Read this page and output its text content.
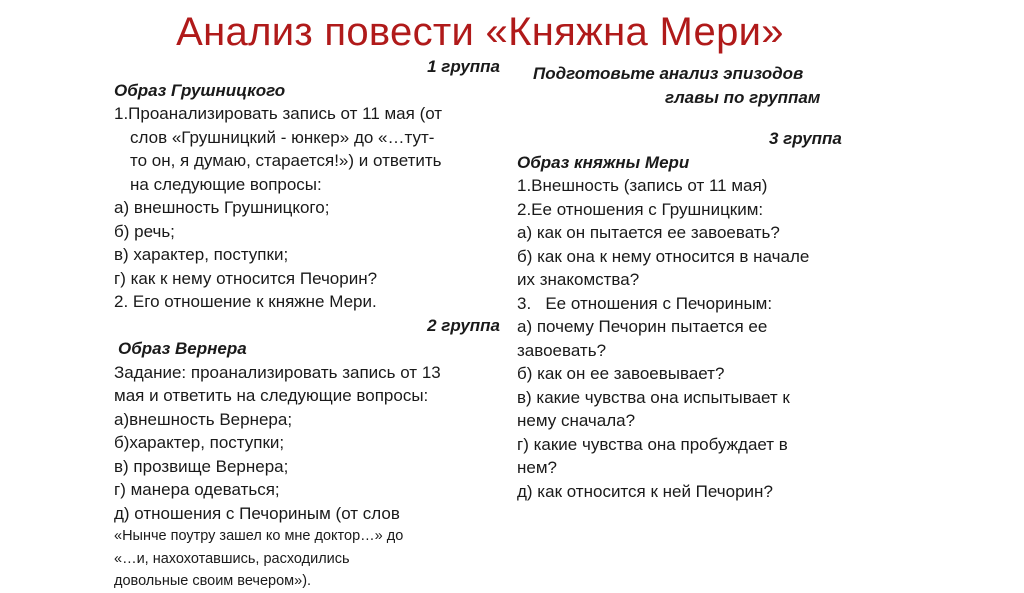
Анализ повести «Княжна Мери»
1 группа
Образ Грушницкого
1.Проанализировать запись от 11 мая (от
слов «Грушницкий - юнкер» до «…тут-
то он, я думаю, старается!») и ответить
на следующие вопросы:
а) внешность Грушницкого;
б) речь;
в) характер, поступки;
г) как к нему относится Печорин?
2. Его отношение к княжне Мери.
2 группа
Образ Вернера
Задание: проанализировать запись от 13
мая и ответить на следующие вопросы:
а)внешность Вернера;
б)характер, поступки;
в) прозвище Вернера;
г) манера одеваться;
д) отношения с Печориным (от слов
«Нынче поутру зашел ко мне доктор…» до
«…и, нахохотавшись, расходились
довольные своим вечером»).
Подготовьте анализ эпизодов
главы по группам
3 группа
Образ княжны Мери
1.Внешность (запись от 11 мая)
2.Ее отношения с Грушницким:
а) как он пытается ее завоевать?
б) как она к нему относится в начале
их знакомства?
3.   Ее отношения с Печориным:
а) почему Печорин пытается ее
завоевать?
б) как он ее завоевывает?
в) какие чувства она испытывает к
нему сначала?
г) какие чувства она пробуждает в
нем?
д) как относится к ней Печорин?
